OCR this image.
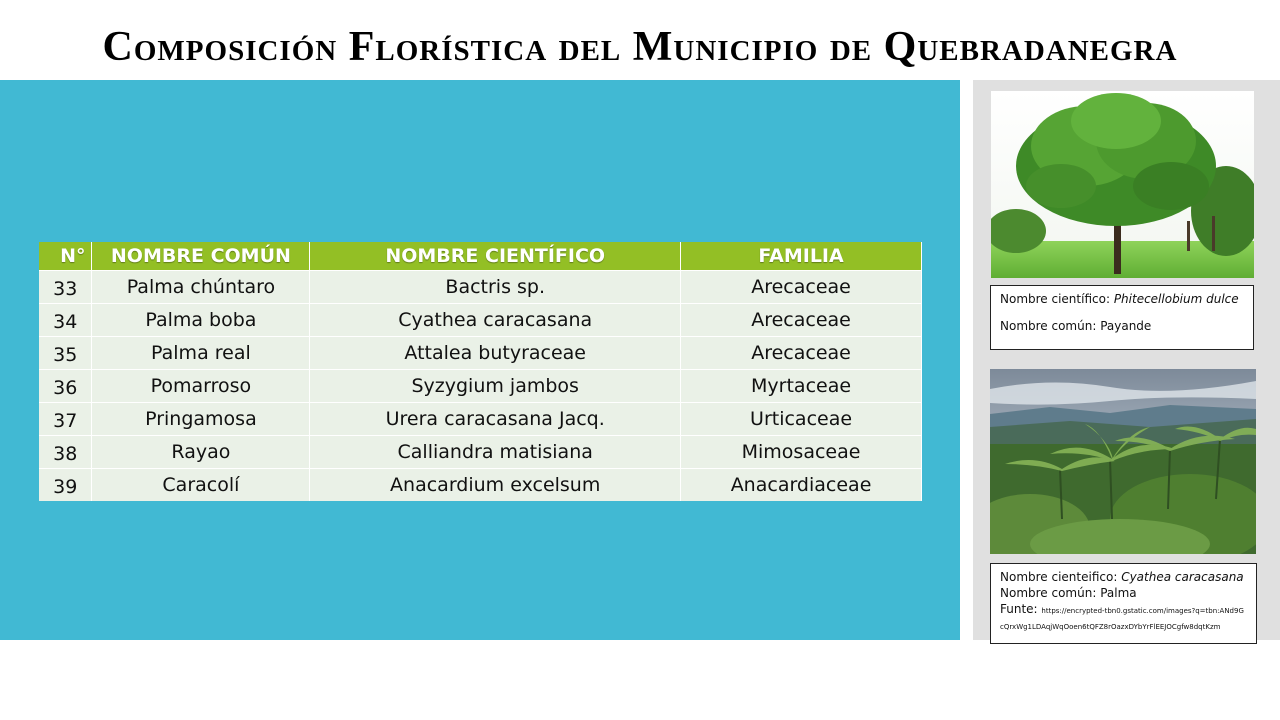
Composición Florística del Municipio de Quebradanegra
N°	NOMBRE COMÚN	NOMBRE CIENTÍFICO	FAMILIA
33	Palma chúntaro	Bactris sp.	Arecaceae
34	Palma boba	Cyathea caracasana	Arecaceae
35	Palma real	Attalea butyraceae	Arecaceae
36	Pomarroso	Syzygium jambos	Myrtaceae
37	Pringamosa	Urera caracasana Jacq.	Urticaceae
38	Rayao	Calliandra matisiana	Mimosaceae
39	Caracolí	Anacardium excelsum	Anacardiaceae
Nombre científico: Phitecellobium dulce
Nombre común: Payande
Nombre cienteifico: Cyathea caracasana
Nombre común: Palma
Funte: https://encrypted-tbn0.gstatic.com/images?q=tbn:ANd9GcQrxWg1LDAqjWqOoen6tQFZ8rOazxDYbYrFlEEJOCgfw8dqtKzm
